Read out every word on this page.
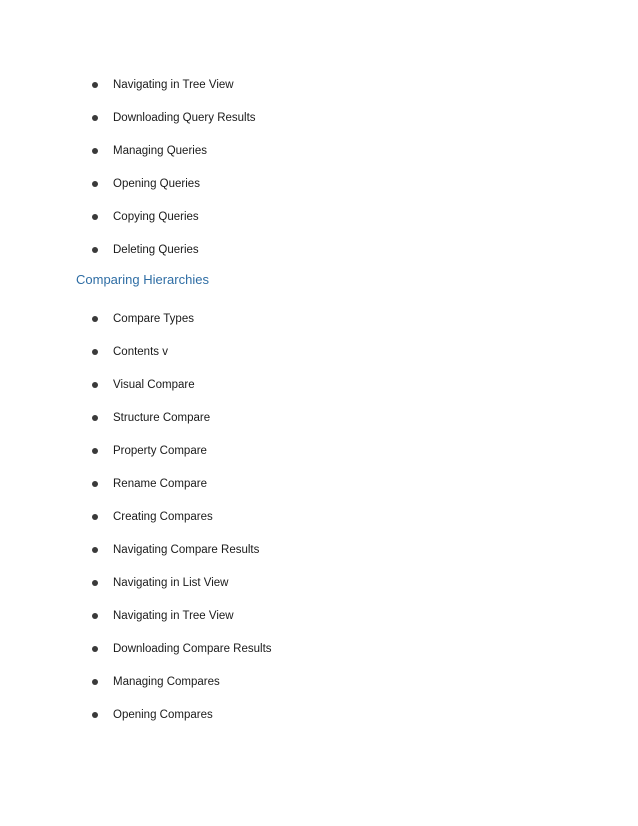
Navigating in Tree View
Downloading Query Results
Managing Queries
Opening Queries
Copying Queries
Deleting Queries
Comparing Hierarchies
Compare Types
Contents v
Visual Compare
Structure Compare
Property Compare
Rename Compare
Creating Compares
Navigating Compare Results
Navigating in List View
Navigating in Tree View
Downloading Compare Results
Managing Compares
Opening Compares
